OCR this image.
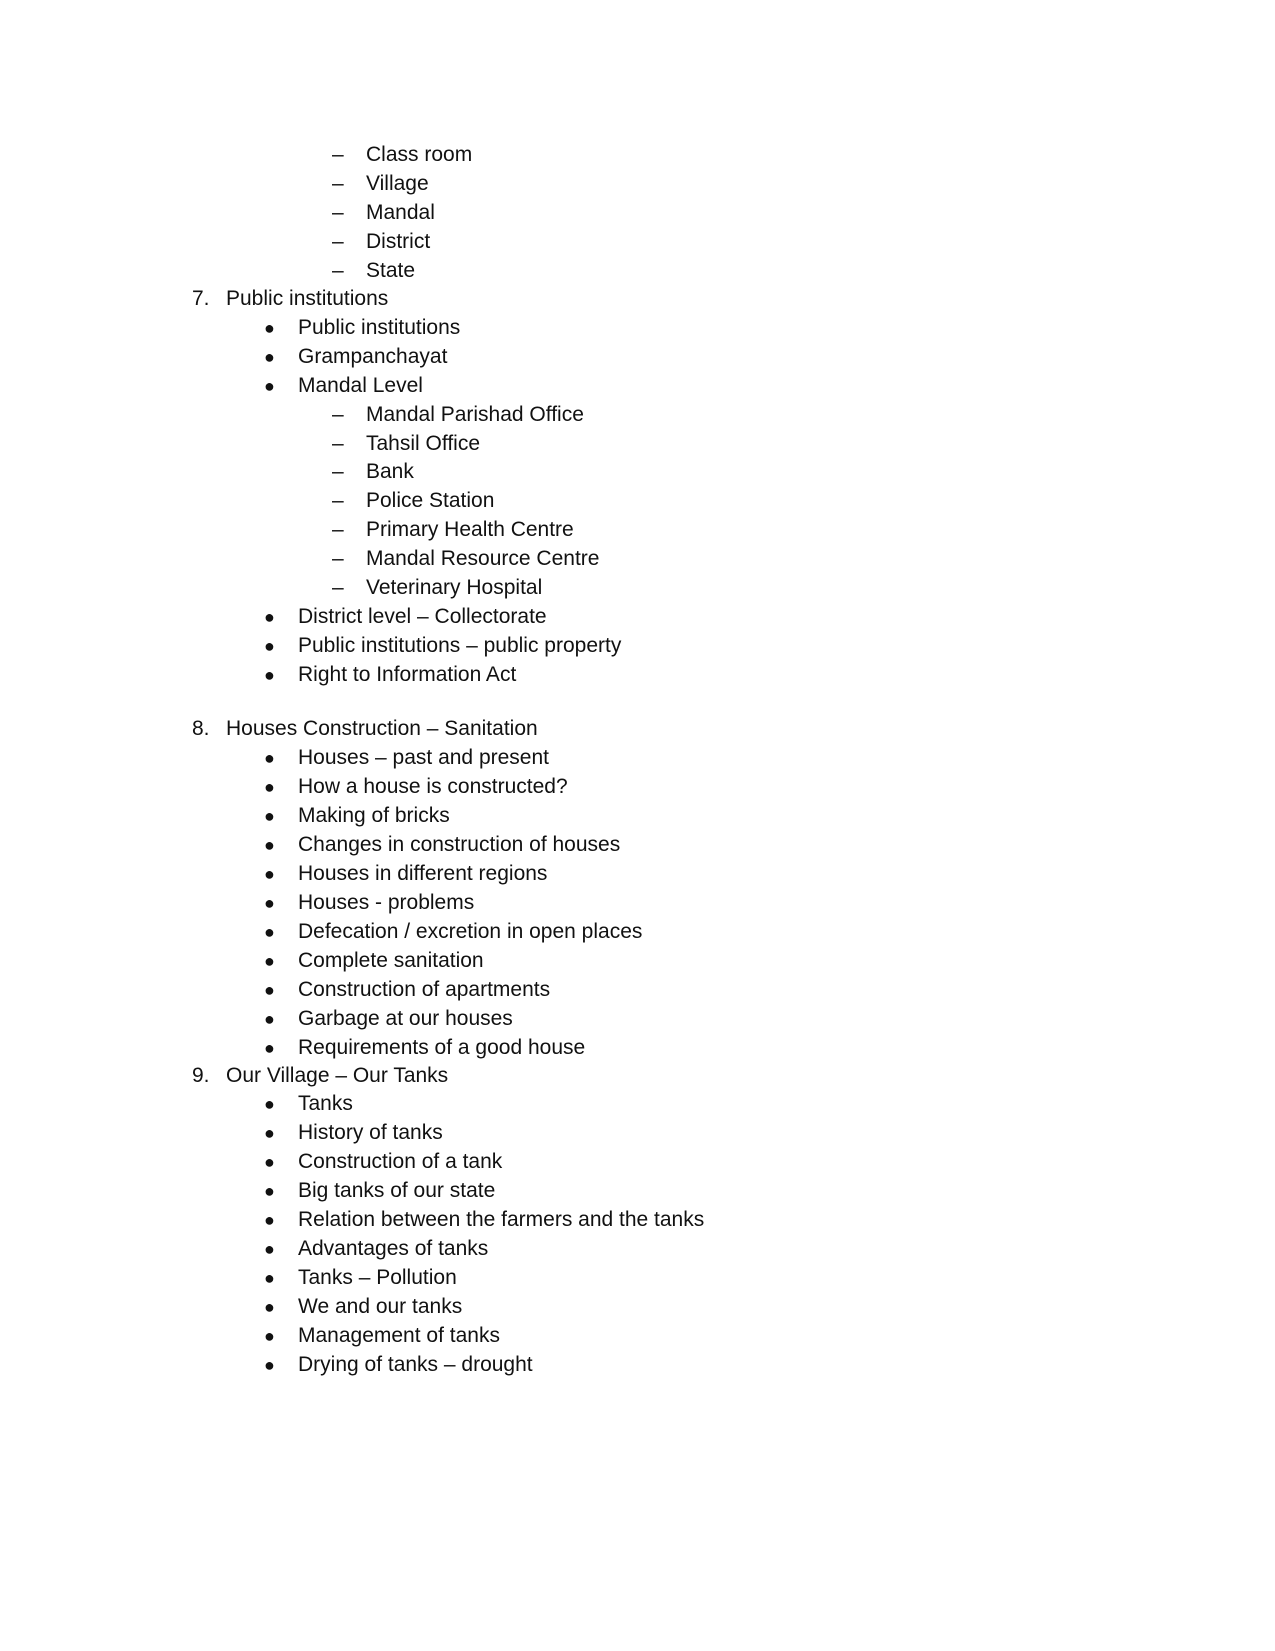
– Class room
– Village
– Mandal
– District
– State
7. Public institutions
● Public institutions
● Grampanchayat
● Mandal Level
– Mandal Parishad Office
– Tahsil Office
– Bank
– Police Station
– Primary Health Centre
– Mandal Resource Centre
– Veterinary Hospital
● District level – Collectorate
● Public institutions – public property
● Right to Information Act
8. Houses Construction – Sanitation
● Houses – past and present
● How a house is constructed?
● Making of bricks
● Changes in construction of houses
● Houses in different regions
● Houses - problems
● Defecation / excretion in open places
● Complete sanitation
● Construction of apartments
● Garbage at our houses
● Requirements of a good house
9. Our Village – Our Tanks
● Tanks
● History of tanks
● Construction of a tank
● Big tanks of our state
● Relation between the farmers and the tanks
● Advantages of tanks
● Tanks – Pollution
● We and our tanks
● Management of tanks
● Drying of tanks – drought
